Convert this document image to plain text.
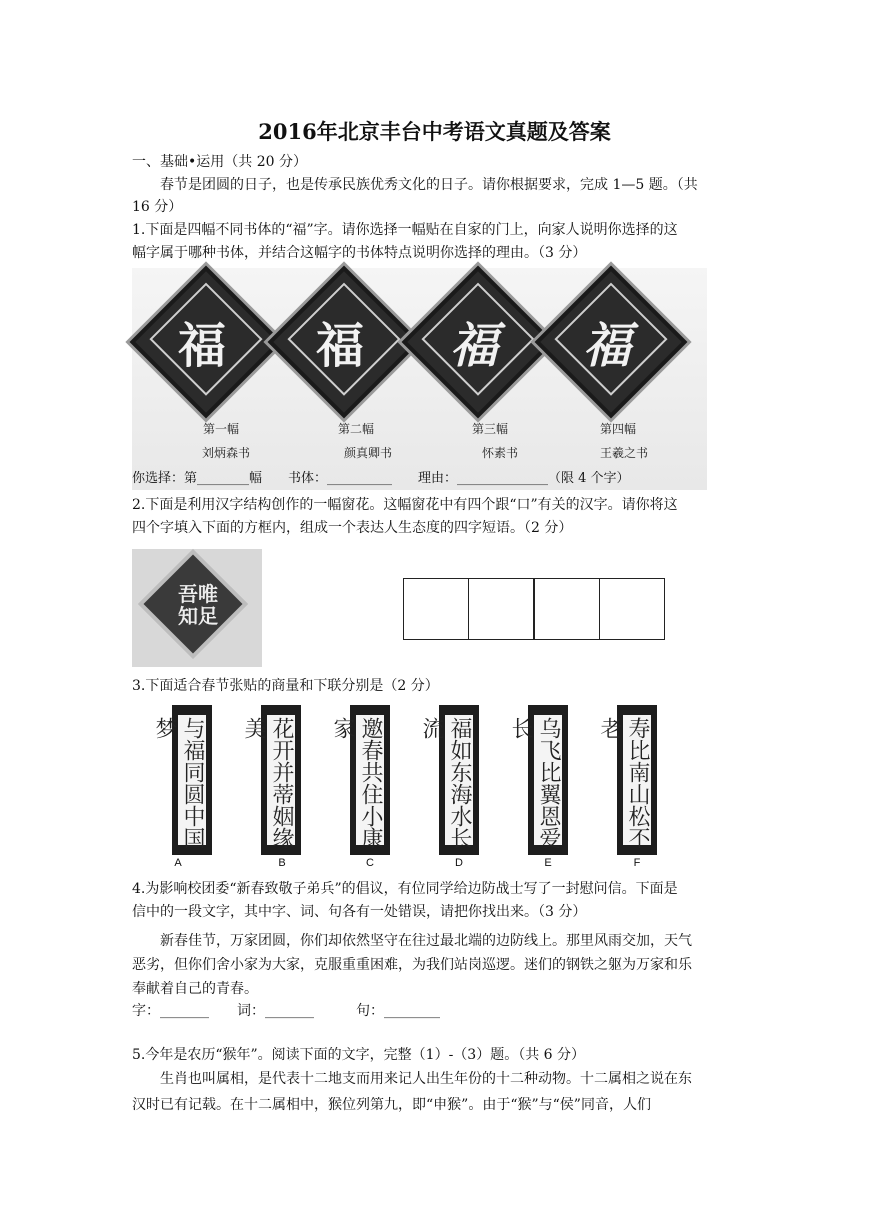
2016年北京丰台中考语文真题及答案
一、基础•运用（共 20 分）
春节是团圆的日子，也是传承民族优秀文化的日子。请你根据要求，完成 1—5 题。（共
16 分）
1.下面是四幅不同书体的“福”字。请你选择一幅贴在自家的门上，向家人说明你选择的这
幅字属于哪种书体，并结合这幅字的书体特点说明你选择的理由。（3 分）
福	福	福	福
第一幅	第二幅	第三幅	第四幅
刘炳森书	颜真卿书	怀素书	王羲之书
你选择：第________幅　　书体：__________　　理由：______________（限 4 个字）
2.下面是利用汉字结构创作的一幅窗花。这幅窗花中有四个跟“口”有关的汉字。请你将这
四个字填入下面的方框内，组成一个表达人生态度的四字短语。（2 分）
吾唯知足
3.下面适合春节张贴的商量和下联分别是（2 分）
与福同圆中国梦
A
花开并蒂姻缘美
B
邀春共住小康家
C
福如东海水长流
D
乌飞比翼恩爱长
E
寿比南山松不老
F
4.为影响校团委“新春致敬子弟兵”的倡议，有位同学给边防战士写了一封慰问信。下面是
信中的一段文字，其中字、词、句各有一处错误，请把你找出来。（3 分）
新春佳节，万家团圆，你们却依然坚守在往过最北端的边防线上。那里风雨交加，天气
恶劣，但你们舍小家为大家，克服重重困难，为我们站岗巡逻。迷们的钢铁之躯为万家和乐
奉献着自己的青春。
字：_______　　词：_______　　　句：________
5.今年是农历“猴年”。阅读下面的文字，完整（1）-（3）题。（共 6 分）
生肖也叫属相，是代表十二地支而用来记人出生年份的十二种动物。十二属相之说在东
汉时已有记载。在十二属相中，猴位列第九，即“申猴”。由于“猴”与“侯”同音，人们
